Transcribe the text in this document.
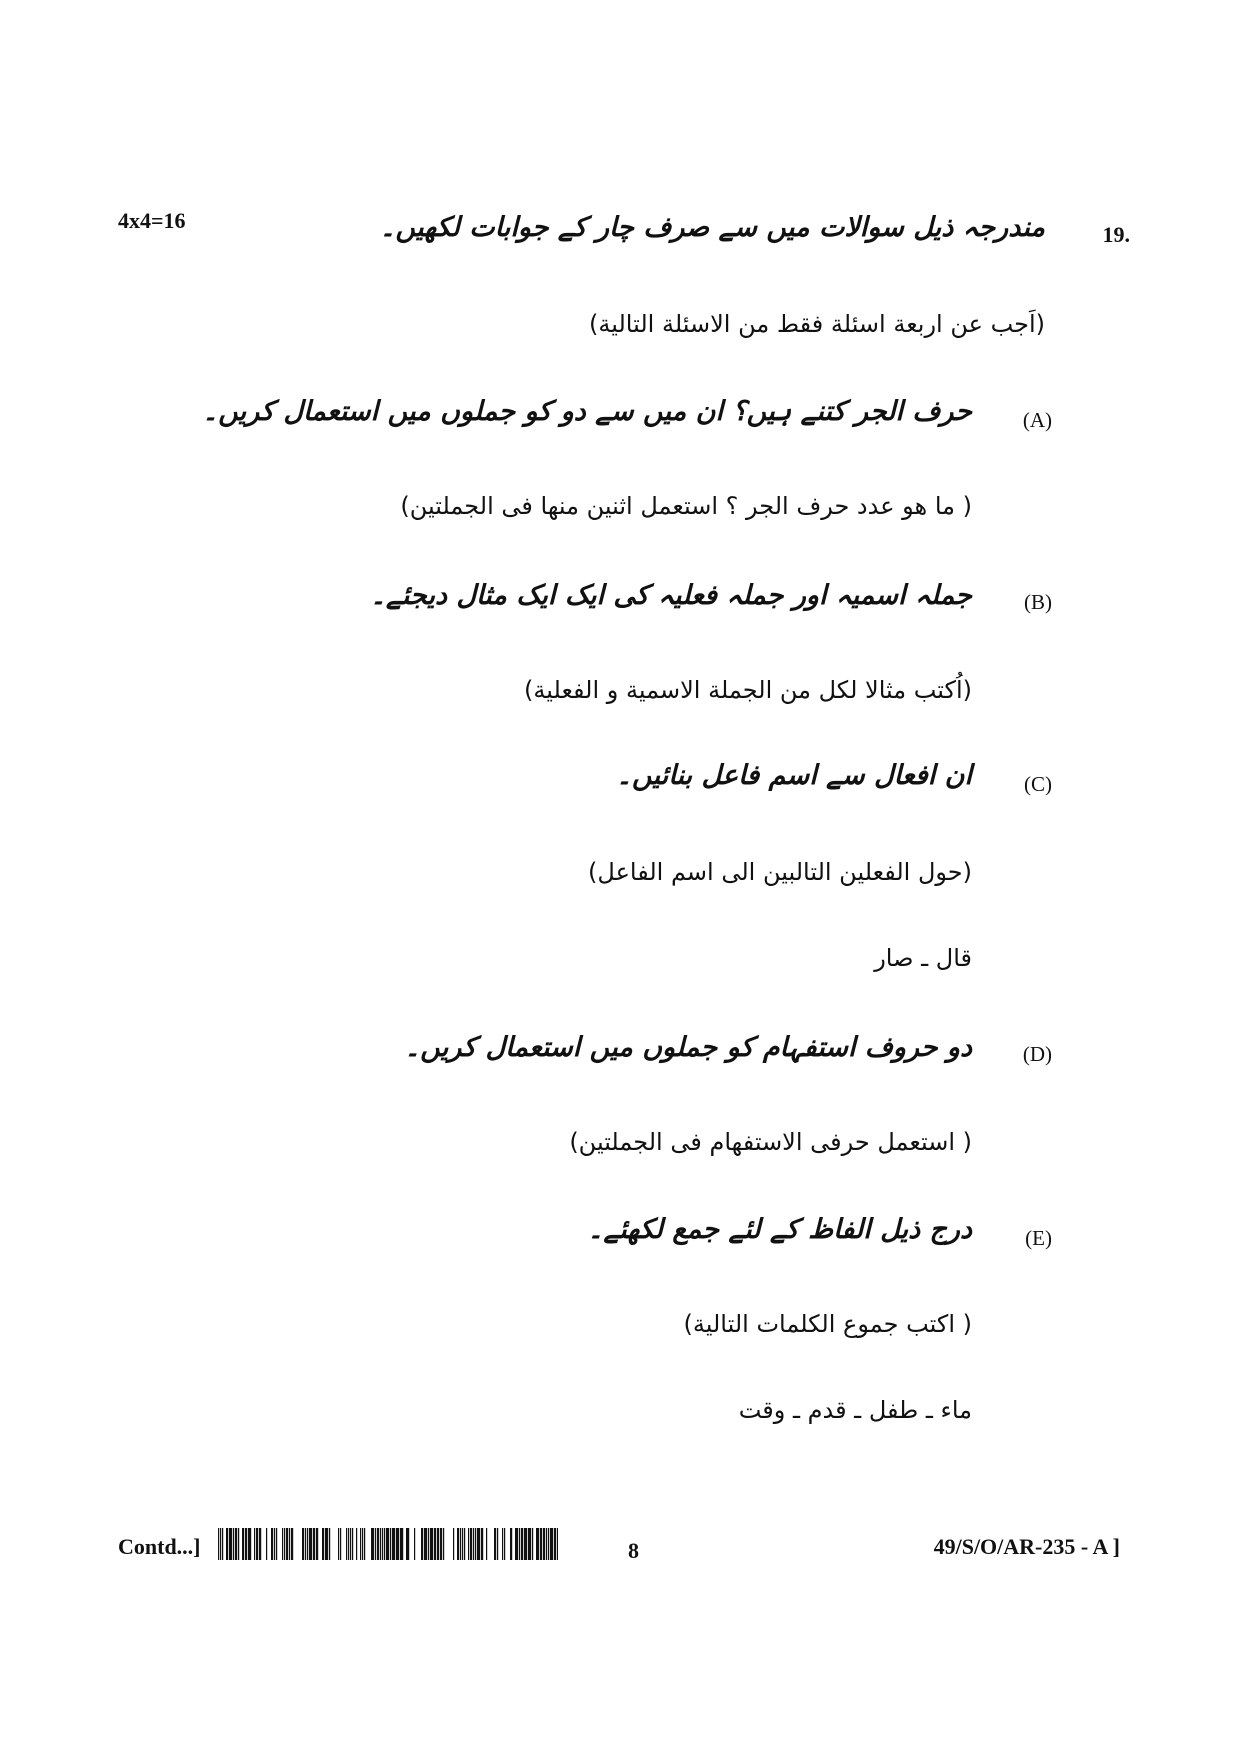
4x4=16
19.
مندرجہ ذیل سوالات میں سے صرف چار کے جوابات لکھیں۔
(اَجب عن اربعة اسئلة فقط من الاسئلة التالية)
(A)
حرف الجر کتنے ہیں؟ ان میں سے دو کو جملوں میں استعمال کریں۔
( ما هو عدد حرف الجر ؟ استعمل اثنين منها فى الجملتين)
(B)
جملہ اسمیہ اور جملہ فعلیہ کی ایک ایک مثال دیجئے۔
(اُكتب مثالا لكل من الجملة الاسمية و الفعلية)
(C)
ان افعال سے اسم فاعل بنائیں۔
(حول الفعلين التالبين الى اسم الفاعل)
قال ـ صار
(D)
دو حروف استفہام کو جملوں میں استعمال کریں۔
( استعمل حرفى الاستفهام فى الجملتين)
(E)
درج ذیل الفاظ کے لئے جمع لکھئے۔
( اكتب جموع الكلمات التالية)
ماء ـ طفل ـ قدم ـ وقت
Contd...]	8	49/S/O/AR-235 - A ]
